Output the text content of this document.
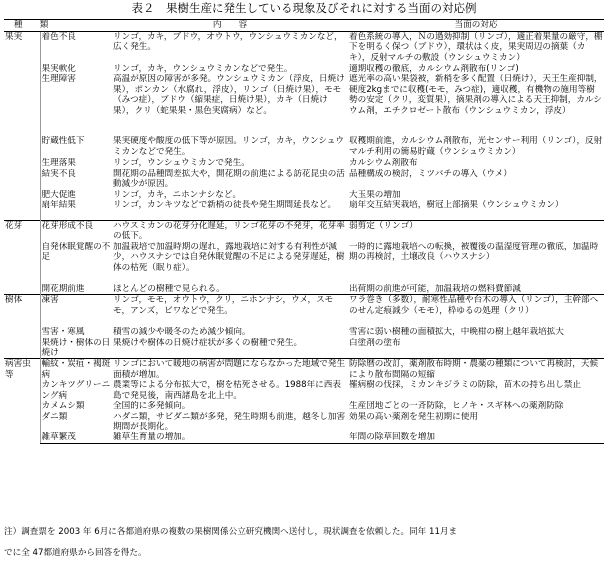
表２　果樹生産に発生している現象及びそれに対する当面の対応例
種　　類		内　　容	当面の対応
果実	着色不良	リンゴ，カキ，ブドウ，オウトウ，ウンシュウミカンなど，広く発生。	着色系統の導入，Ｎの過効抑制（リンゴ），適正着果量の厳守，棚下を明るく保つ（ブドウ），環状はく皮，果実周辺の摘葉（カキ），反射マルチの敷設（ウンシュウミカン）
	果実軟化	リンゴ，カキ，ウンシュウミカンなどで発生。	適期収穫の徹底，カルシウム剤散布(リンゴ)
	生理障害	高温が原因の障害が多発。ウンシュウミカン（浮皮，日焼け果），ポンカン（水腐れ，浮皮），リンゴ（日焼け果），モモ（みつ症），ブドウ（縮果症，日焼け果），カキ（日焼け果），クリ（蛇果果・黒色実腐病）など。	遮光率の高い果袋被，新梢を多く配置（日焼け），天王生産抑制，硬度2kgまでに収穫(モモ，みつ症)，適収穫，有機物の施用等樹勢の安定（クリ，変質果），摘果剤の導入による天王抑制，カルシウム剤，エチクロゼート散布（ウンシュウミカン，浮皮）
	貯蔵性低下	果実硬度や酸度の低下等が原因。リンゴ，カキ，ウンシュウミカンなどで発生。	収穫期前進，カルシウム剤散布，光センサー利用（リンゴ），反射マルチ利用の簡易貯蔵（ウンシュウミカン）
	生理落果	リンゴ，ウンシュウミカンで発生。	カルシウム剤散布
	結実不良	開花期の品種間差拡大や，開花期の前進による訪花昆虫の活動減少が原因。	品種構成の検討，ミツバチの導入（ウメ）
	肥大促進	リンゴ，カキ，ニホンナシなど。	大玉果の増加
	扇年結果	リンゴ，カンキツなどで新梢の徒長や発生期間延長など。	扇年交互結実栽培，樹冠上部摘果（ウンシュウミカン）
花芽	花芽形成不良	ハウスミカンの花芽分化遅延，リンゴ花芽の不発芽，花芽率の低下。	弱剪定（リンゴ）
	自発休眠覚醒の不足	加温栽培で加温時期の遅れ，露地栽培に対する有利性が減少，ハウスナシでは自発休眠覚醒の不足による発芽遅延，樹体の枯死（眠り症）。	一時的に露地栽培への転換，被覆後の温湿度管理の徹底，加温時期の再検討，土壌改良（ハウスナシ）
	開花期前進	ほとんどの樹種で見られる。	出荷期の前進が可能，加温栽培の燃料費節減
樹体	凍害	リンゴ，モモ，オウトウ，クリ，ニホンナシ，ウメ，スモモ，アンズ，ビワなどで発生。	ワラ巻き（多数），耐寒性品種や台木の導入（リンゴ），主幹部へのせん定痕減少（モモ），枠ゆるの処理（クリ）
	雪害・寒風	積雪の減少や暖冬のため減少傾向。	雪害に弱い樹種の面積拡大，中晩柑の樹上越年栽培拡大
	果焼け・樹体の日焼け	果焼けや樹体の日焼け症状が多くの樹種で発生。	白塗剤の塗布
病害虫等	輸紋・炭疽・褐斑病	リンゴにおいて暖地の病害が問題にならなかった地域で発生面積が増加。	防除暦の改訂，薬剤散布時期・農薬の種類について再検討，天候により散布間隔の短縮
	カンキツグリーニング病	農業等による分布拡大で，樹を枯死させる。1988年に西表島で発見後，南西諸島を北上中。	罹病樹の伐採，ミカンキジラミの防除，苗木の持ち出し禁止
	カメムシ類	全国的に多発傾向。	生産団地ごとの一斉防除，ヒノキ・スギ林への薬剤防除
	ダニ類	ハダニ類，サビダニ類が多発，発生時期も前進，越冬し加害期間が長期化。	効果の高い薬剤を発生初期に使用
	雑草繁茂	雑草生育量の増加。	年間の除草回数を増加
注）調査票を 2003 年 6月に各都道府県の複数の果樹関係公立研究機関へ送付し，現状調査を依頼した。同年 11月ま
でに全 47都道府県から回答を得た。
